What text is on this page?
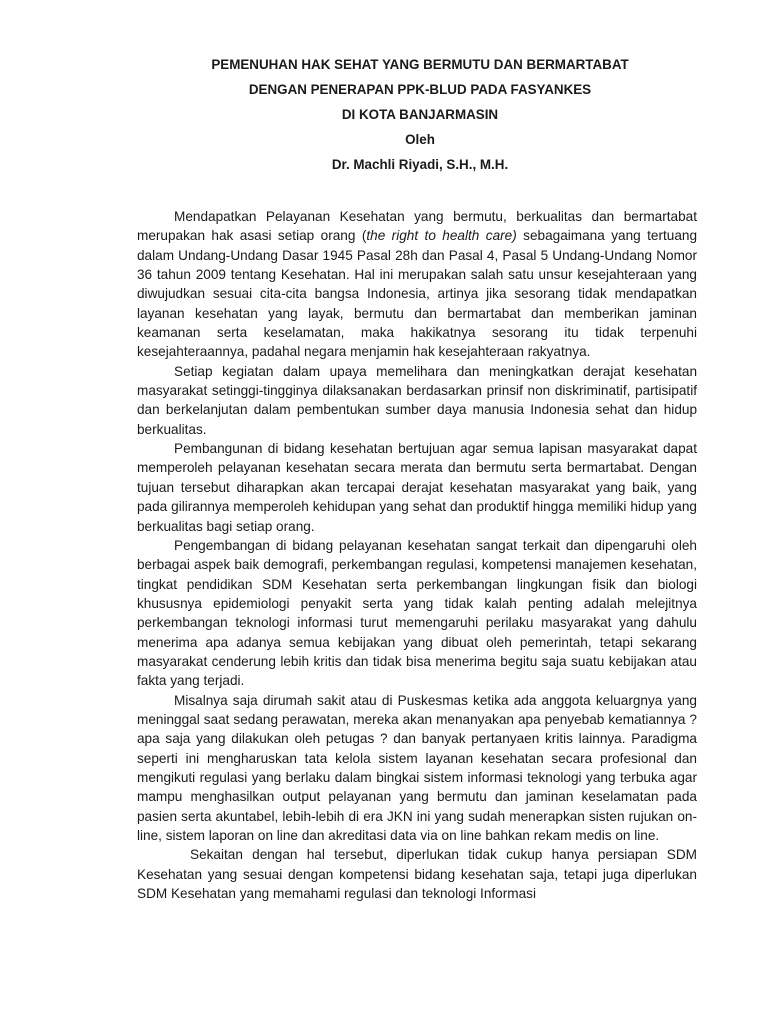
PEMENUHAN HAK SEHAT YANG BERMUTU DAN BERMARTABAT
DENGAN PENERAPAN PPK-BLUD PADA FASYANKES
DI KOTA BANJARMASIN
Oleh
Dr. Machli Riyadi, S.H., M.H.

Mendapatkan Pelayanan Kesehatan yang bermutu, berkualitas dan bermartabat merupakan hak asasi setiap orang (the right to health care) sebagaimana yang tertuang dalam Undang-Undang Dasar 1945 Pasal 28h dan Pasal 4, Pasal 5 Undang-Undang Nomor 36 tahun 2009 tentang Kesehatan. Hal ini merupakan salah satu unsur kesejahteraan yang diwujudkan sesuai cita-cita bangsa Indonesia, artinya jika sesorang tidak mendapatkan layanan kesehatan yang layak, bermutu dan bermartabat dan memberikan jaminan keamanan serta keselamatan, maka hakikatnya sesorang itu tidak terpenuhi kesejahteraannya, padahal negara menjamin hak kesejahteraan rakyatnya.

Setiap kegiatan dalam upaya memelihara dan meningkatkan derajat kesehatan masyarakat setinggi-tingginya dilaksanakan berdasarkan prinsif non diskriminatif, partisipatif dan berkelanjutan dalam pembentukan sumber daya manusia Indonesia sehat dan hidup berkualitas.

Pembangunan di bidang kesehatan bertujuan agar semua lapisan masyarakat dapat memperoleh pelayanan kesehatan secara merata dan bermutu serta bermartabat. Dengan tujuan tersebut diharapkan akan tercapai derajat kesehatan masyarakat yang baik, yang pada gilirannya memperoleh kehidupan yang sehat dan produktif hingga memiliki hidup yang berkualitas bagi setiap orang.

Pengembangan di bidang pelayanan kesehatan sangat terkait dan dipengaruhi oleh berbagai aspek baik demografi, perkembangan regulasi, kompetensi manajemen kesehatan, tingkat pendidikan SDM Kesehatan serta perkembangan lingkungan fisik dan biologi khususnya epidemiologi penyakit serta yang tidak kalah penting adalah melejitnya perkembangan teknologi informasi turut memengaruhi perilaku masyarakat yang dahulu menerima apa adanya semua kebijakan yang dibuat oleh pemerintah, tetapi sekarang masyarakat cenderung lebih kritis dan tidak bisa menerima begitu saja suatu kebijakan atau fakta yang terjadi.

Misalnya saja dirumah sakit atau di Puskesmas ketika ada anggota keluargnya yang meninggal saat sedang perawatan, mereka akan menanyakan apa penyebab kematiannya ? apa saja yang dilakukan oleh petugas ? dan banyak pertanyaen kritis lainnya. Paradigma seperti ini mengharuskan tata kelola sistem layanan kesehatan secara profesional dan mengikuti regulasi yang berlaku dalam bingkai sistem informasi teknologi yang terbuka agar mampu menghasilkan output pelayanan yang bermutu dan jaminan keselamatan pada pasien serta akuntabel, lebih-lebih di era JKN ini yang sudah menerapkan sisten rujukan on-line, sistem laporan on line dan akreditasi data via on line bahkan rekam medis on line.

Sekaitan dengan hal tersebut, diperlukan tidak cukup hanya persiapan SDM Kesehatan yang sesuai dengan kompetensi bidang kesehatan saja, tetapi juga diperlukan SDM Kesehatan yang memahami regulasi dan teknologi Informasi
